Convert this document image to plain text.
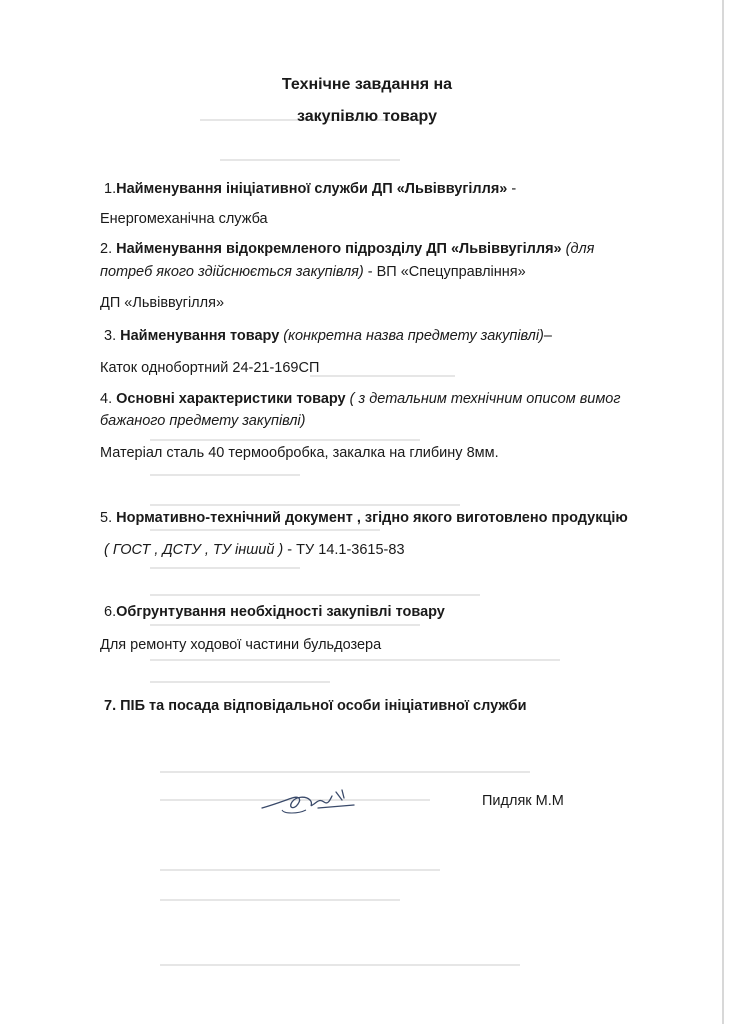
Технічне завдання на
закупівлю товару
1.Найменування ініціативної служби ДП «Львіввугілля» -
Енергомеханічна служба
2. Найменування відокремленого підрозділу ДП «Львіввугілля» (для
потреб якого здійснюється закупівля) - ВП «Спецуправління»
ДП «Львіввугілля»
3. Найменування товару (конкретна назва предмету закупівлі)–
Каток однобортний 24-21-169СП
4. Основні характеристики товару ( з детальним технічним описом вимог
бажаного предмету закупівлі)
Матеріал сталь 40 термообробка, закалка на глибину 8мм.
5. Нормативно-технічний документ , згідно якого виготовлено продукцію
( ГОСТ , ДСТУ , ТУ інший ) - ТУ 14.1-3615-83
6.Обгрунтування необхідності закупівлі товару
Для ремонту ходової частини бульдозера
7. ПІБ та посада відповідальної особи ініціативної служби
Пидляк М.М
